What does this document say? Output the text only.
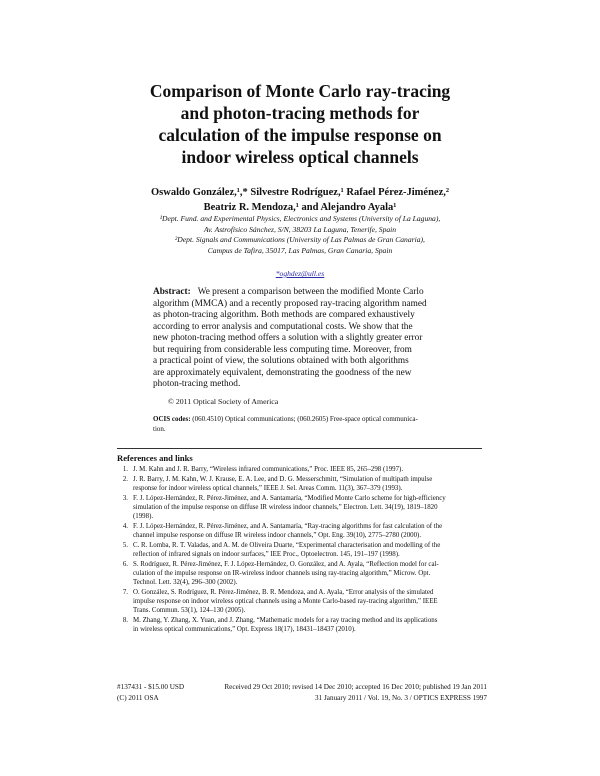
Comparison of Monte Carlo ray-tracing
and photon-tracing methods for
calculation of the impulse response on
indoor wireless optical channels
Oswaldo González,¹,* Silvestre Rodríguez,¹ Rafael Pérez-Jiménez,²
Beatriz R. Mendoza,¹ and Alejandro Ayala¹
¹Dept. Fund. and Experimental Physics, Electronics and Systems (University of La Laguna),
Av. Astrofísico Sánchez, S/N, 38203 La Laguna, Tenerife, Spain
²Dept. Signals and Communications (University of Las Palmas de Gran Canaria),
Campus de Tafira, 35017, Las Palmas, Gran Canaria, Spain
*oghdez@ull.es
Abstract: We present a comparison between the modified Monte Carlo
algorithm (MMCA) and a recently proposed ray-tracing algorithm named
as photon-tracing algorithm. Both methods are compared exhaustively
according to error analysis and computational costs. We show that the
new photon-tracing method offers a solution with a slightly greater error
but requiring from considerable less computing time. Moreover, from
a practical point of view, the solutions obtained with both algorithms
are approximately equivalent, demonstrating the goodness of the new
photon-tracing method.
© 2011 Optical Society of America
OCIS codes: (060.4510) Optical communications; (060.2605) Free-space optical communica-
tion.
References and links
1. J. M. Kahn and J. R. Barry, “Wireless infrared communications,” Proc. IEEE 85, 265–298 (1997).
2. J. R. Barry, J. M. Kahn, W. J. Krause, E. A. Lee, and D. G. Messerschmitt, “Simulation of multipath impulse
response for indoor wireless optical channels,” IEEE J. Sel. Areas Comm. 11(3), 367–379 (1993).
3. F. J. López-Hernández, R. Pérez-Jiménez, and A. Santamaría, “Modified Monte Carlo scheme for high-efficiency
simulation of the impulse response on diffuse IR wireless indoor channels,” Electron. Lett. 34(19), 1819–1820
(1998).
4. F. J. López-Hernández, R. Pérez-Jiménez, and A. Santamaría, “Ray-tracing algorithms for fast calculation of the
channel impulse response on diffuse IR wireless indoor channels,” Opt. Eng. 39(10), 2775–2780 (2000).
5. C. R. Lomba, R. T. Valadas, and A. M. de Oliveira Duarte, “Experimental characterisation and modelling of the
reflection of infrared signals on indoor surfaces,” IEE Proc., Optoelectron. 145, 191–197 (1998).
6. S. Rodríguez, R. Pérez-Jiménez, F. J. López-Hernández, O. González, and A. Ayala, “Reflection model for cal-
culation of the impulse response on IR-wireless indoor channels using ray-tracing algorithm,” Microw. Opt.
Technol. Lett. 32(4), 296–300 (2002).
7. O. González, S. Rodríguez, R. Pérez-Jiménez, B. R. Mendoza, and A. Ayala, “Error analysis of the simulated
impulse response on indoor wireless optical channels using a Monte Carlo-based ray-tracing algorithm,” IEEE
Trans. Commun. 53(1), 124–130 (2005).
8. M. Zhang, Y. Zhang, X. Yuan, and J. Zhang, “Mathematic models for a ray tracing method and its applications
in wireless optical communications,” Opt. Express 18(17), 18431–18437 (2010).
#137431 - $15.00 USD	Received 29 Oct 2010; revised 14 Dec 2010; accepted 16 Dec 2010; published 19 Jan 2011
(C) 2011 OSA	31 January 2011 / Vol. 19, No. 3 / OPTICS EXPRESS 1997
